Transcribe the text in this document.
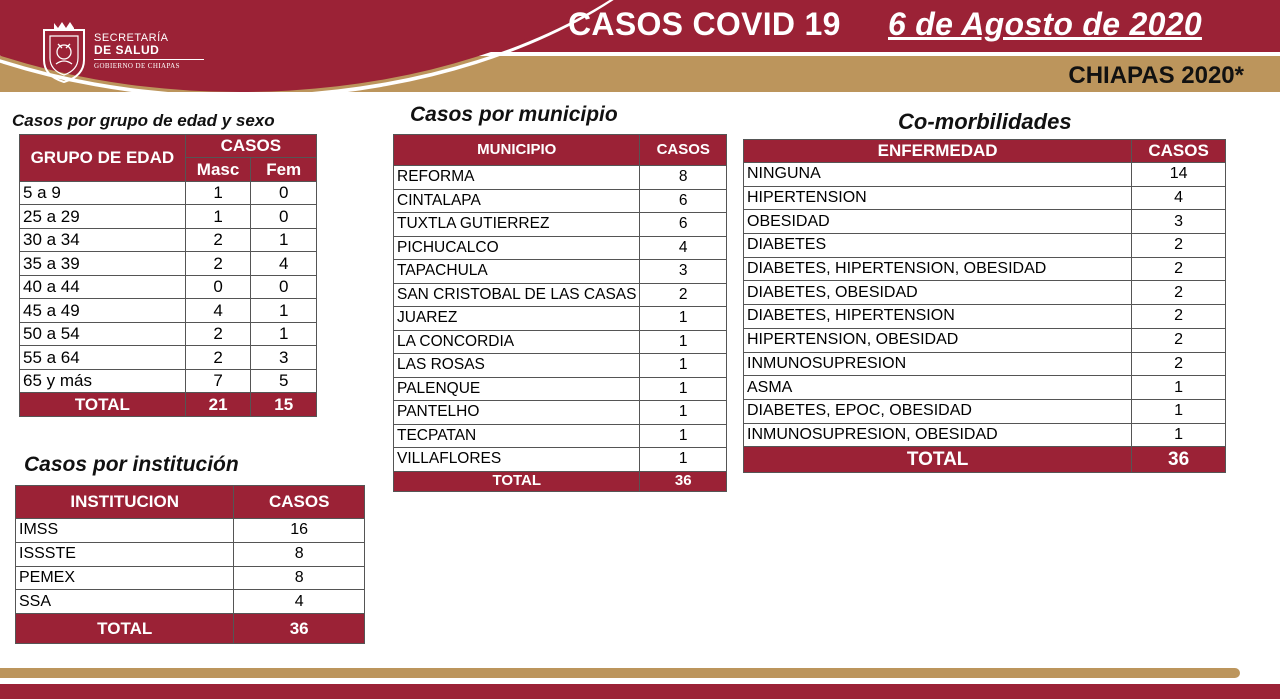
SECRETARÍA
DE SALUD
GOBIERNO DE CHIAPAS
CASOS COVID 19 6 de Agosto de 2020
CHIAPAS 2020*
Casos por grupo de edad y sexo
GRUPO DE EDAD	CASOS	
	Masc	Fem
5 a 9	1	0
25 a 29	1	0
30 a 34	2	1
35 a 39	2	4
40 a 44	0	0
45 a 49	4	1
50 a 54	2	1
55 a 64	2	3
65 y más	7	5
TOTAL	21	15
Casos por municipio
MUNICIPIO	CASOS
REFORMA	8
CINTALAPA	6
TUXTLA GUTIERREZ	6
PICHUCALCO	4
TAPACHULA	3
SAN CRISTOBAL DE LAS CASAS	2
JUAREZ	1
LA CONCORDIA	1
LAS ROSAS	1
PALENQUE	1
PANTELHO	1
TECPATAN	1
VILLAFLORES	1
TOTAL	36
Co-morbilidades
ENFERMEDAD	CASOS
NINGUNA	14
HIPERTENSION	4
OBESIDAD	3
DIABETES	2
DIABETES, HIPERTENSION, OBESIDAD	2
DIABETES, OBESIDAD	2
DIABETES, HIPERTENSION	2
HIPERTENSION, OBESIDAD	2
INMUNOSUPRESION	2
ASMA	1
DIABETES, EPOC, OBESIDAD	1
INMUNOSUPRESION, OBESIDAD	1
TOTAL	36
Casos por institución
INSTITUCION	CASOS
IMSS	16
ISSSTE	8
PEMEX	8
SSA	4
TOTAL	36
